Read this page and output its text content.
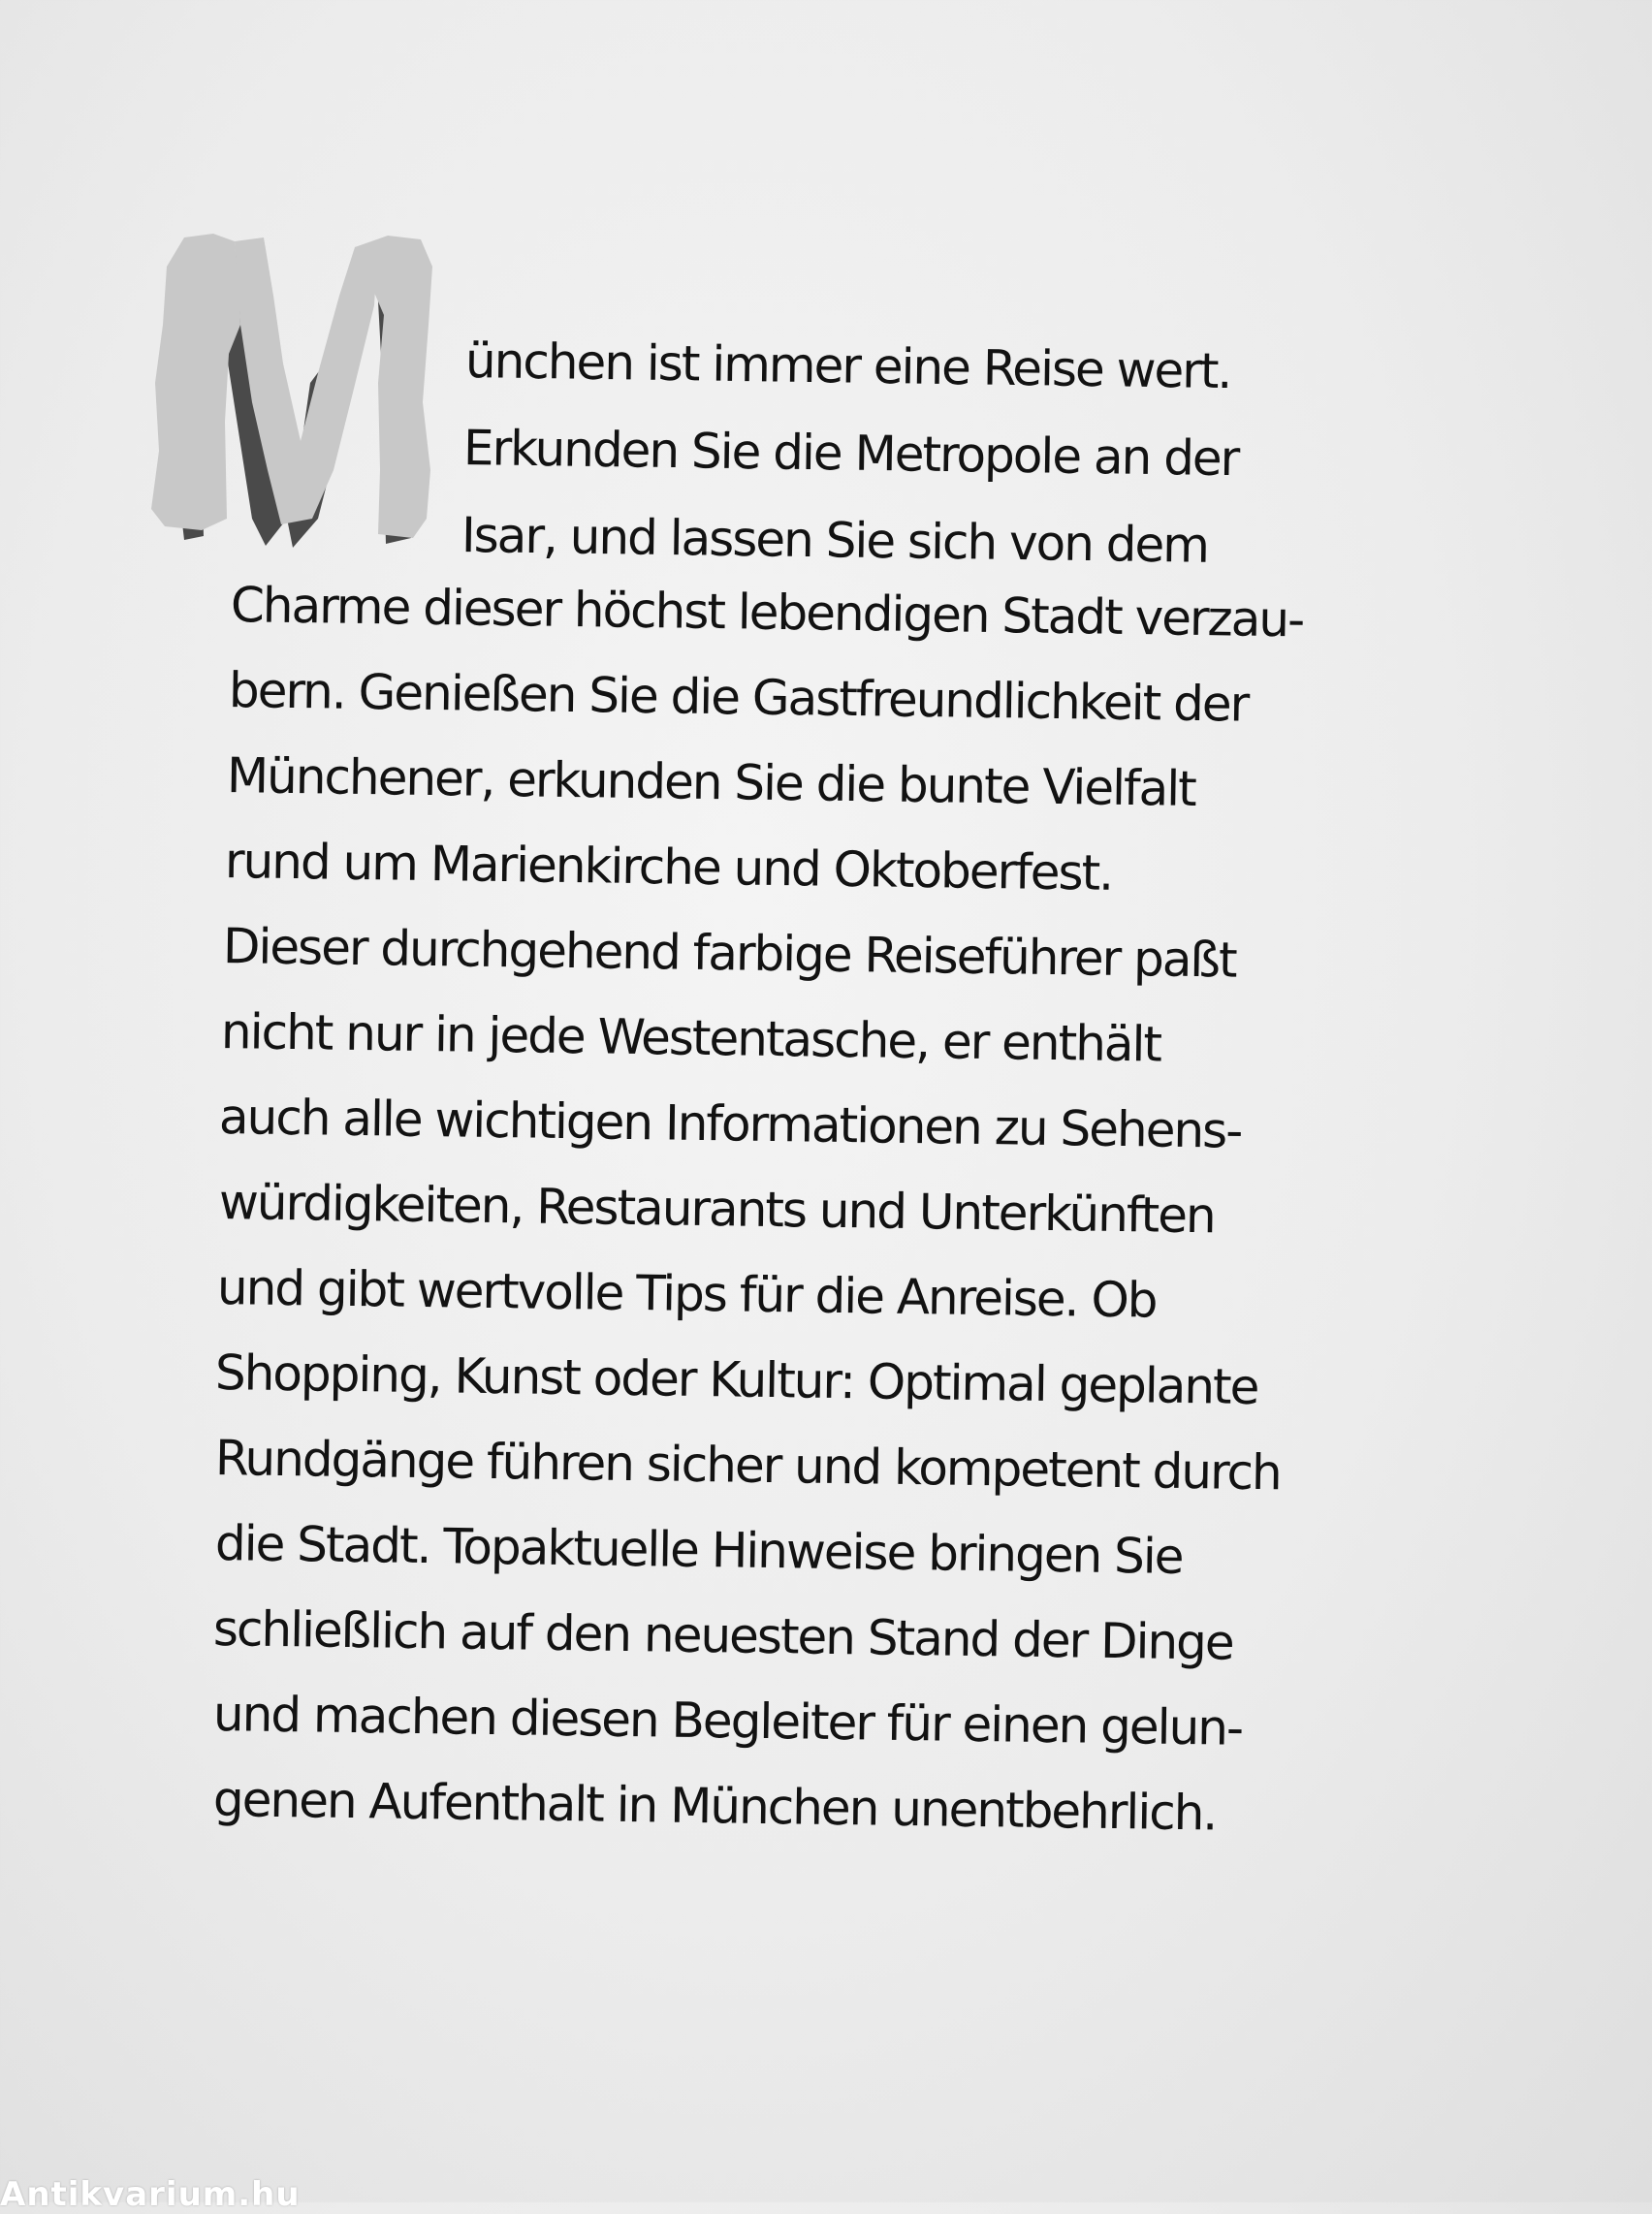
ünchen ist immer eine Reise wert.
Erkunden Sie die Metropole an der
Isar, und lassen Sie sich von dem
Charme dieser höchst lebendigen Stadt verzau-
bern. Genießen Sie die Gastfreundlichkeit der
Münchener, erkunden Sie die bunte Vielfalt
rund um Marienkirche und Oktoberfest.
Dieser durchgehend farbige Reiseführer paßt
nicht nur in jede Westentasche, er enthält
auch alle wichtigen Informationen zu Sehens-
würdigkeiten, Restaurants und Unterkünften
und gibt wertvolle Tips für die Anreise. Ob
Shopping, Kunst oder Kultur: Optimal geplante
Rundgänge führen sicher und kompetent durch
die Stadt. Topaktuelle Hinweise bringen Sie
schließlich auf den neuesten Stand der Dinge
und machen diesen Begleiter für einen gelun-
genen Aufenthalt in München unentbehrlich.
Antikvarium.hu
